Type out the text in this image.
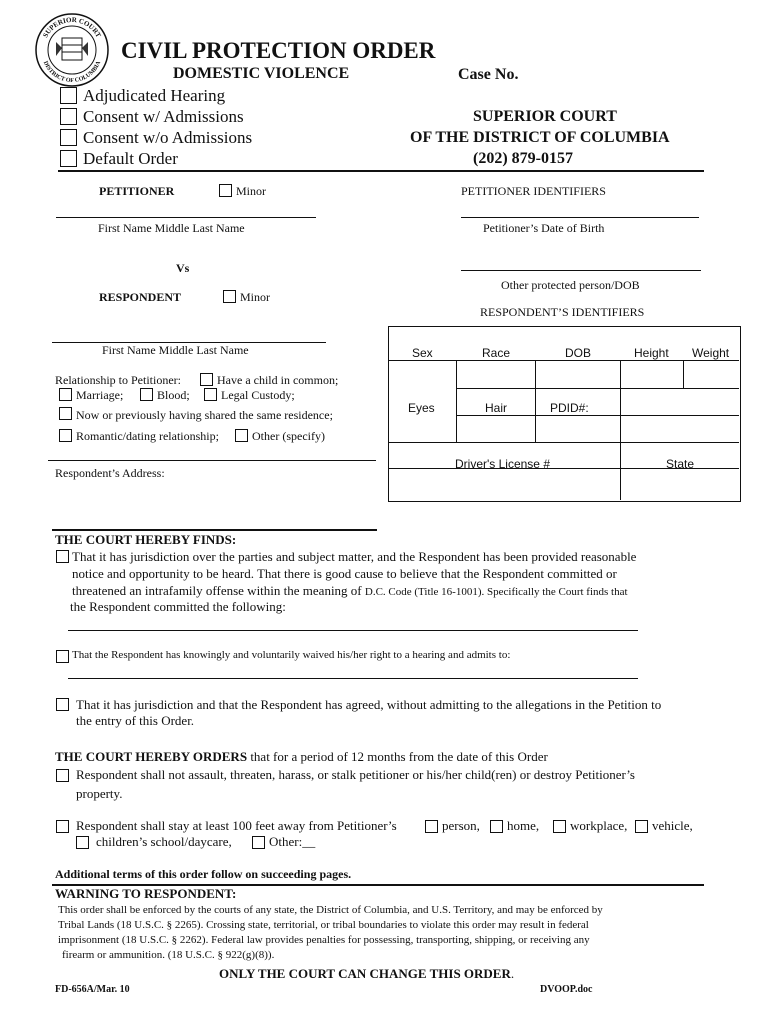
SUPERIOR COURT
DISTRICT OF COLUMBIA
CIVIL PROTECTION ORDER
DOMESTIC VIOLENCE	Case No.
Adjudicated Hearing
Consent w/ Admissions
Consent w/o Admissions
Default Order
SUPERIOR COURT
OF THE DISTRICT OF COLUMBIA
(202) 879-0157
PETITIONER	Minor	PETITIONER IDENTIFIERS
First Name Middle Last Name	Petitioner’s Date of Birth
Vs
Other protected person/DOB
RESPONDENT	Minor
RESPONDENT’S IDENTIFIERS
First Name Middle Last Name
Relationship to Petitioner:	Have a child in common;
Marriage;	Blood;	Legal Custody;
Now or previously having shared the same residence;
Romantic/dating relationship;	Other (specify)
Respondent’s Address:
Sex	Race	DOB	Height Weight
Eyes	Hair	PDID#:
Driver's License #	State
THE COURT HEREBY FINDS:
That it has jurisdiction over the parties and subject matter, and the Respondent has been provided reasonable
notice and opportunity to be heard. That there is good cause to believe that the Respondent committed or
threatened an intrafamily offense within the meaning of D.C. Code (Title 16-1001). Specifically the Court finds that
the Respondent committed the following:
That the Respondent has knowingly and voluntarily waived his/her right to a hearing and admits to:
That it has jurisdiction and that the Respondent has agreed, without admitting to the allegations in the Petition to
the entry of this Order.
THE COURT HEREBY ORDERS that for a period of 12 months from the date of this Order
Respondent shall not assault, threaten, harass, or stalk petitioner or his/her child(ren) or destroy Petitioner’s
property.
Respondent shall stay at least 100 feet away from Petitioner’s	person, home, workplace, vehicle,
children’s school/daycare,	Other:__
Additional terms of this order follow on succeeding pages.
WARNING TO RESPONDENT:
This order shall be enforced by the courts of any state, the District of Columbia, and U.S. Territory, and may be enforced by
Tribal Lands (18 U.S.C. § 2265). Crossing state, territorial, or tribal boundaries to violate this order may result in federal
imprisonment (18 U.S.C. § 2262). Federal law provides penalties for possessing, transporting, shipping, or receiving any
firearm or ammunition. (18 U.S.C. § 922(g)(8)).
ONLY THE COURT CAN CHANGE THIS ORDER.
FD-656A/Mar. 10	DVOOP.doc
